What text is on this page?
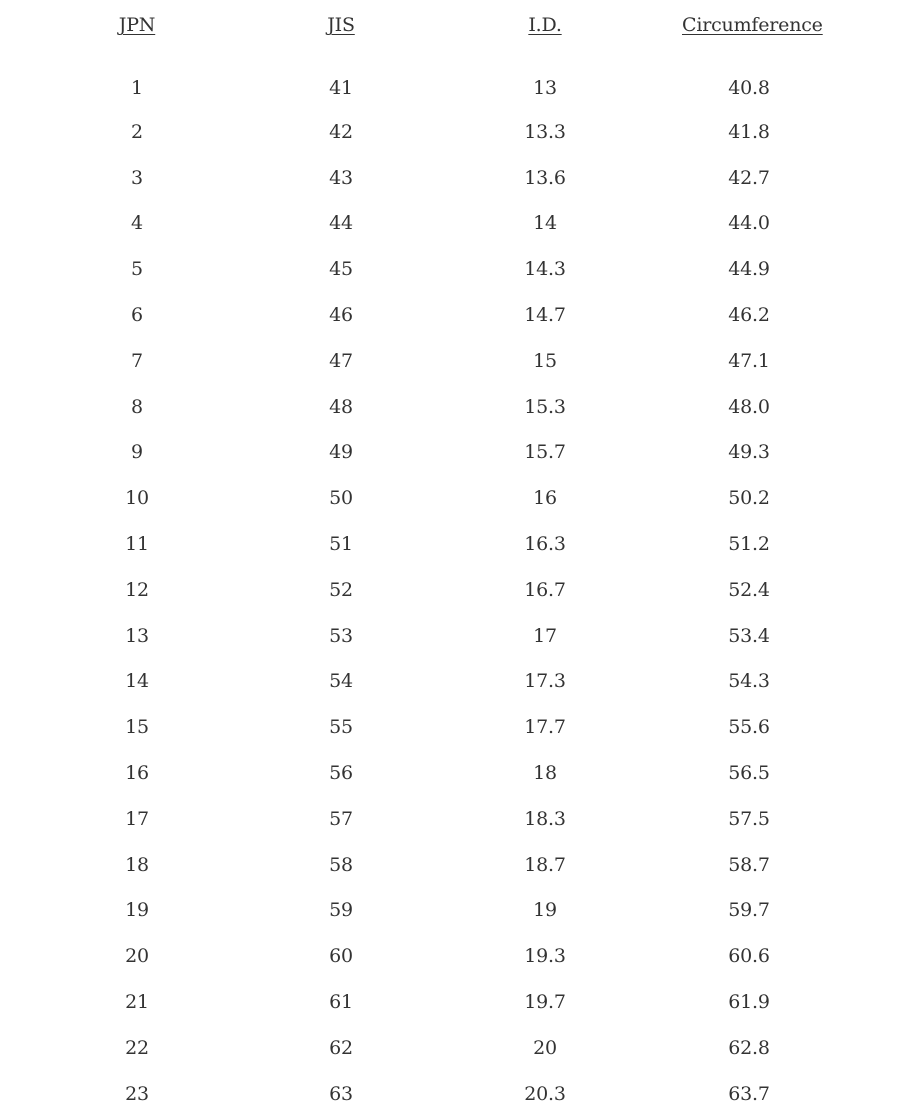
JPN	JIS	I.D.	Circumference
1	41	13	40.8
2	42	13.3	41.8
3	43	13.6	42.7
4	44	14	44.0
5	45	14.3	44.9
6	46	14.7	46.2
7	47	15	47.1
8	48	15.3	48.0
9	49	15.7	49.3
10	50	16	50.2
11	51	16.3	51.2
12	52	16.7	52.4
13	53	17	53.4
14	54	17.3	54.3
15	55	17.7	55.6
16	56	18	56.5
17	57	18.3	57.5
18	58	18.7	58.7
19	59	19	59.7
20	60	19.3	60.6
21	61	19.7	61.9
22	62	20	62.8
23	63	20.3	63.7
